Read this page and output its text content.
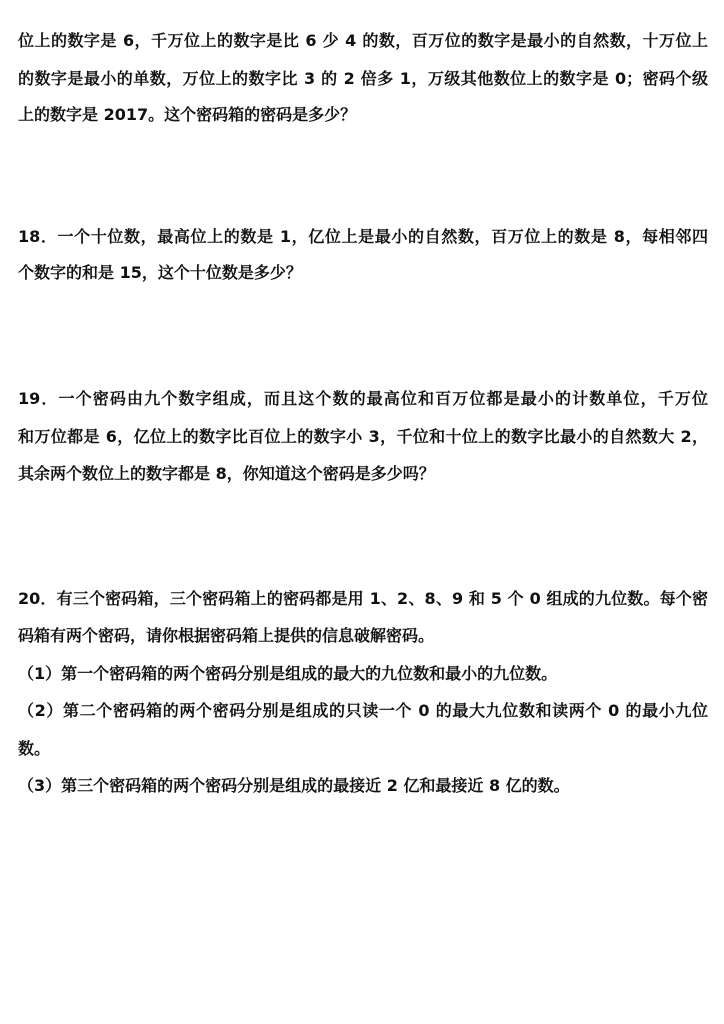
位上的数字是 6，千万位上的数字是比 6 少 4 的数，百万位的数字是最小的自然数，十万位上
的数字是最小的单数，万位上的数字比 3 的 2 倍多 1，万级其他数位上的数字是 0；密码个级
上的数字是 2017。这个密码箱的密码是多少？
18．一个十位数，最高位上的数是 1，亿位上是最小的自然数，百万位上的数是 8，每相邻四
个数字的和是 15，这个十位数是多少？
19．一个密码由九个数字组成，而且这个数的最高位和百万位都是最小的计数单位，千万位
和万位都是 6，亿位上的数字比百位上的数字小 3，千位和十位上的数字比最小的自然数大 2，
其余两个数位上的数字都是 8，你知道这个密码是多少吗？
20．有三个密码箱，三个密码箱上的密码都是用 1、2、8、9 和 5 个 0 组成的九位数。每个密
码箱有两个密码，请你根据密码箱上提供的信息破解密码。
（1）第一个密码箱的两个密码分别是组成的最大的九位数和最小的九位数。
（2）第二个密码箱的两个密码分别是组成的只读一个 0 的最大九位数和读两个 0 的最小九位
数。
（3）第三个密码箱的两个密码分别是组成的最接近 2 亿和最接近 8 亿的数。
